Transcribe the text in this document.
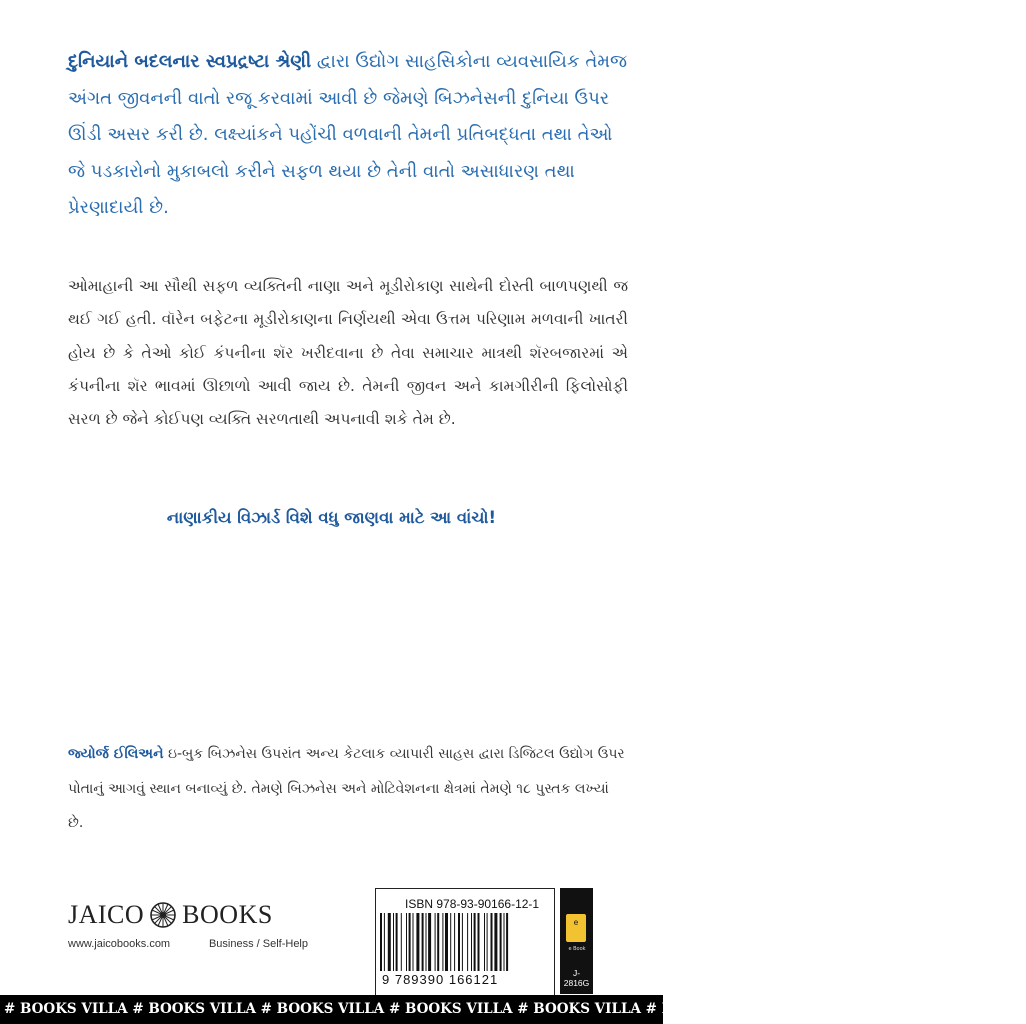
દુનિયાને બદલનાર સ્વપ્રદ્રષ્ટા શ્રેણી દ્વારા ઉદ્યોગ સાહસિકોના વ્યવસાયિક તેમજ અંગત જીવનની વાતો રજૂ કરવામાં આવી છે જેમણે બિઝનેસની દુનિયા ઉપર ઊંડી અસર કરી છે. લક્ષ્યાંકને પહોંચી વળવાની તેમની પ્રતિબદ્ધતા તથા તેઓ જે પડકારોનો મુકાબલો કરીને સફળ થયા છે તેની વાતો અસાધારણ તથા પ્રેરણાદાયી છે.
ઓમાહાની આ સૌથી સફળ વ્યક્તિની નાણા અને મૂડીરોકાણ સાથેની દોસ્તી બાળપણથી જ થઈ ગઈ હતી. વૉરેન બફેટના મૂડીરોકાણના નિર્ણયથી એવા ઉત્તમ પરિણામ મળવાની ખાતરી હોય છે કે તેઓ કોઈ કંપનીના શૅર ખરીદવાના છે તેવા સમાચાર માત્રથી શૅરબજારમાં એ કંપનીના શૅર ભાવમાં ઊછાળો આવી જાય છે. તેમની જીવન અને કામગીરીની ફિલોસોફી સરળ છે જેને કોઈપણ વ્યક્તિ સરળતાથી અપનાવી શકે તેમ છે.
નાણાકીય વિઝાર્ડ વિશે વધુ જાણવા માટે આ વાંચો!
જ્યોર્જ ઈલિઅને ઇ-બુક બિઝનેસ ઉપરાંત અન્ય કેટલાક વ્યાપારી સાહસ દ્વારા ડિજિટલ ઉદ્યોગ ઉપર પોતાનું આગવું સ્થાન બનાવ્યું છે. તેમણે બિઝનેસ અને મોટિવેશનના ક્ષેત્રમાં તેમણે ૧૮ પુસ્તક લખ્યાં છે.
JAICO BOOKS
www.jaicobooks.com	Business / Self-Help
ISBN 978-93-90166-12-1
9 789390 166121
e
e Book
J-2816G
# BOOKS VILLA # BOOKS VILLA # BOOKS VILLA # BOOKS VILLA # BOOKS VILLA # BOOKS VILLA # BOOKS VILLA # BOOKS VILLA
